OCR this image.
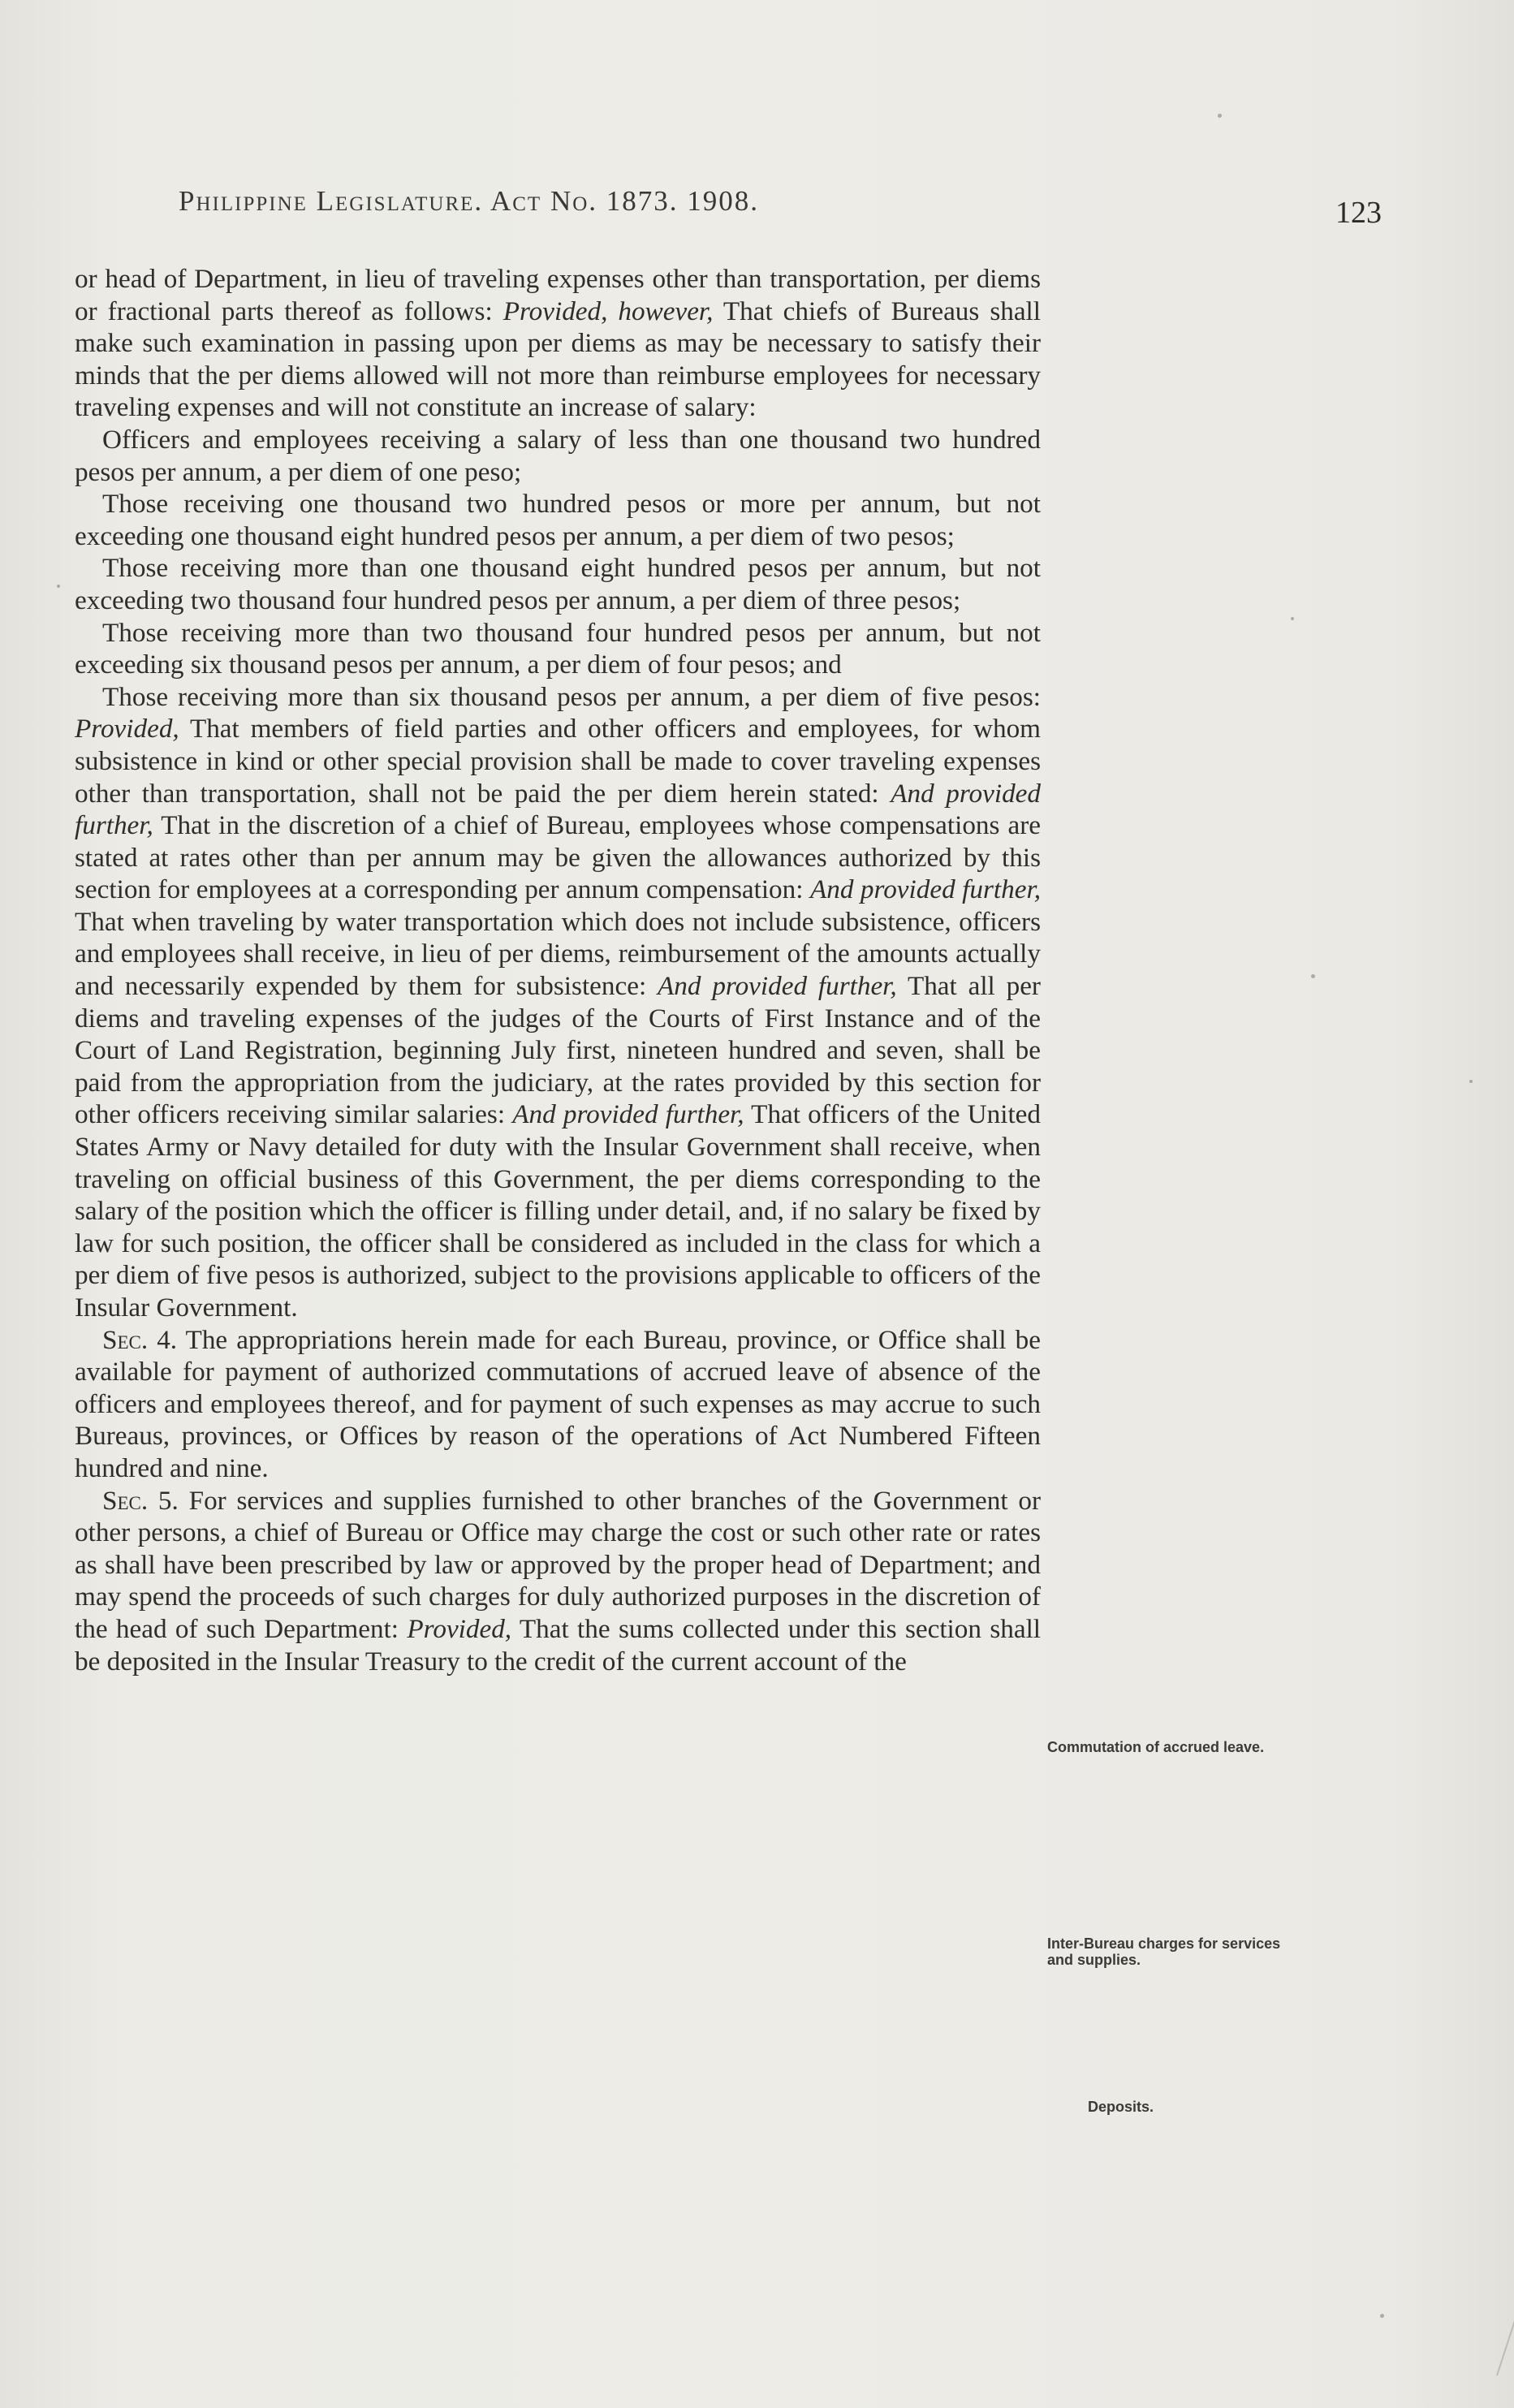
Philippine Legislature. Act No. 1873. 1908.	123

or head of Department, in lieu of traveling expenses other than transportation, per diems or fractional parts thereof as follows: Provided, however, That chiefs of Bureaus shall make such examination in passing upon per diems as may be necessary to satisfy their minds that the per diems allowed will not more than reimburse employees for necessary traveling expenses and will not constitute an increase of salary:

Officers and employees receiving a salary of less than one thousand two hundred pesos per annum, a per diem of one peso;

Those receiving one thousand two hundred pesos or more per annum, but not exceeding one thousand eight hundred pesos per annum, a per diem of two pesos;

Those receiving more than one thousand eight hundred pesos per annum, but not exceeding two thousand four hundred pesos per annum, a per diem of three pesos;

Those receiving more than two thousand four hundred pesos per annum, but not exceeding six thousand pesos per annum, a per diem of four pesos; and

Those receiving more than six thousand pesos per annum, a per diem of five pesos: Provided, That members of field parties and other officers and employees, for whom subsistence in kind or other special provision shall be made to cover traveling expenses other than transportation, shall not be paid the per diem herein stated: And provided further, That in the discretion of a chief of Bureau, employees whose compensations are stated at rates other than per annum may be given the allowances authorized by this section for employees at a corresponding per annum compensation: And provided further, That when traveling by water transportation which does not include subsistence, officers and employees shall receive, in lieu of per diems, reimbursement of the amounts actually and necessarily expended by them for subsistence: And provided further, That all per diems and traveling expenses of the judges of the Courts of First Instance and of the Court of Land Registration, beginning July first, nineteen hundred and seven, shall be paid from the appropriation from the judiciary, at the rates provided by this section for other officers receiving similar salaries: And provided further, That officers of the United States Army or Navy detailed for duty with the Insular Government shall receive, when traveling on official business of this Government, the per diems corresponding to the salary of the position which the officer is filling under detail, and, if no salary be fixed by law for such position, the officer shall be considered as included in the class for which a per diem of five pesos is authorized, subject to the provisions applicable to officers of the Insular Government.

Sec. 4. The appropriations herein made for each Bureau, province, or Office shall be available for payment of authorized commutations of accrued leave of absence of the officers and employees thereof, and for payment of such expenses as may accrue to such Bureaus, provinces, or Offices by reason of the operations of Act Numbered Fifteen hundred and nine.

Sec. 5. For services and supplies furnished to other branches of the Government or other persons, a chief of Bureau or Office may charge the cost or such other rate or rates as shall have been prescribed by law or approved by the proper head of Department; and may spend the proceeds of such charges for duly authorized purposes in the discretion of the head of such Department: Provided, That the sums collected under this section shall be deposited in the Insular Treasury to the credit of the current account of the

Commutation of accrued leave.
Inter-Bureau charges for services and supplies.
Deposits.
